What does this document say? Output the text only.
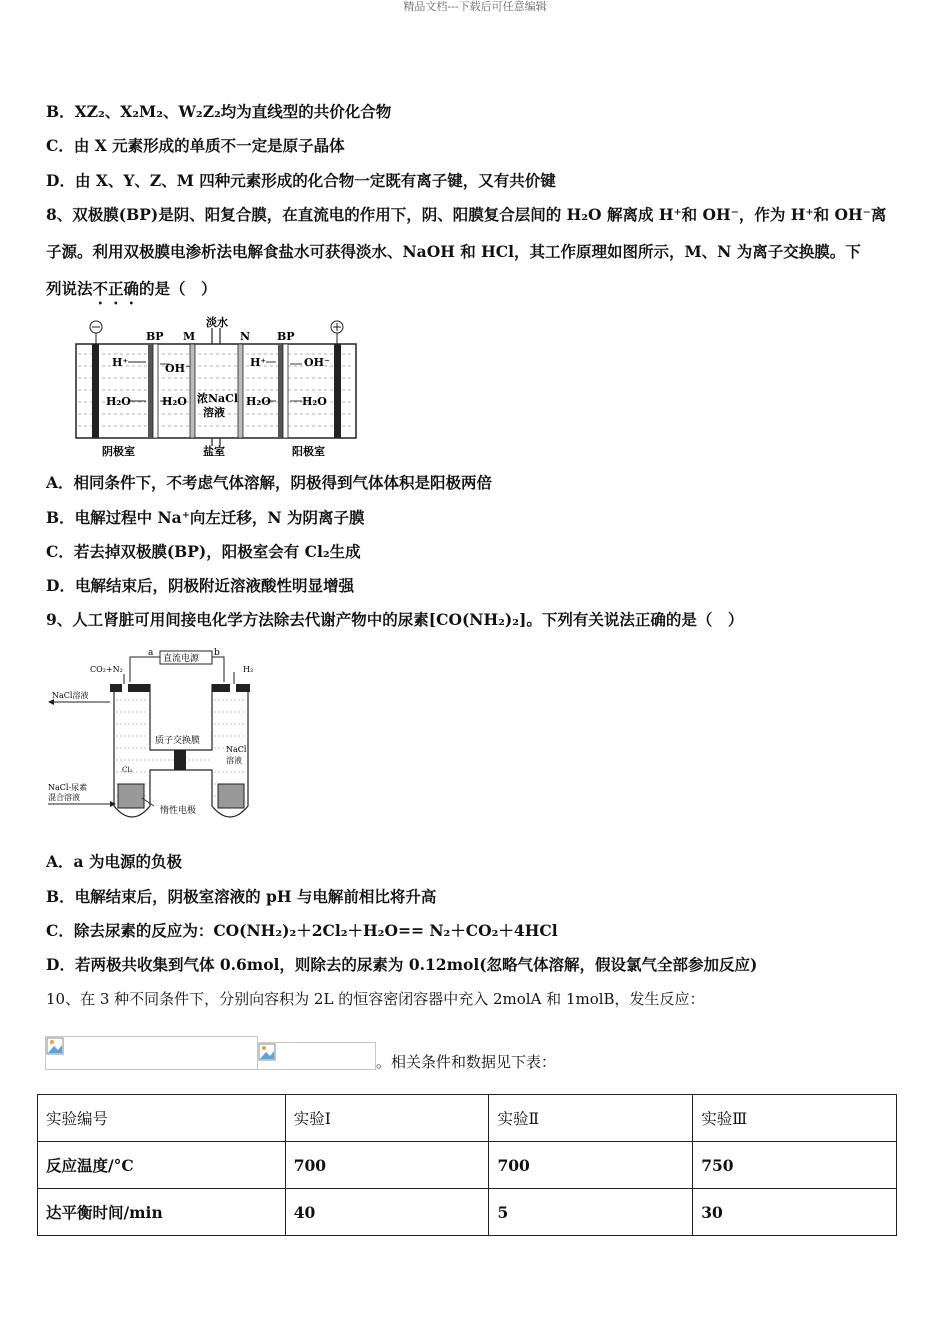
精品文档---下载后可任意编辑
B．XZ₂、X₂M₂、W₂Z₂均为直线型的共价化合物
C．由 X 元素形成的单质不一定是原子晶体
D．由 X、Y、Z、M 四种元素形成的化合物一定既有离子键，又有共价键
8、双极膜(BP)是阴、阳复合膜，在直流电的作用下，阴、阳膜复合层间的 H₂O 解离成 H⁺和 OH⁻，作为 H⁺和 OH⁻离
子源。利用双极膜电渗析法电解食盐水可获得淡水、NaOH 和 HCl，其工作原理如图所示，M、N 为离子交换膜。下
列说法不正确的是（　）
BP M
淡水
N BP
H⁺	OH⁻
H₂O	H₂O 浓NaCl
溶液
H⁺	OH⁻
H₂O	H₂O
阴极室	盐室	阳极室
A．相同条件下，不考虑气体溶解，阴极得到气体体积是阳极两倍
B．电解过程中 Na⁺向左迁移，N 为阴离子膜
C．若去掉双极膜(BP)，阳极室会有 Cl₂生成
D．电解结束后，阴极附近溶液酸性明显增强
9、人工肾脏可用间接电化学方法除去代谢产物中的尿素[CO(NH₂)₂]。下列有关说法正确的是（　）
直流电源
a	b
CO₂+N₂	H₂
质子交换膜
NaCl溶液
NaCl-尿素
混合溶液
NaCl
溶液
Cl₂
惰性电极
A．a 为电源的负极
B．电解结束后，阴极室溶液的 pH 与电解前相比将升高
C．除去尿素的反应为：CO(NH₂)₂＋2Cl₂＋H₂O== N₂＋CO₂＋4HCl
D．若两极共收集到气体 0.6mol，则除去的尿素为 0.12mol(忽略气体溶解，假设氯气全部参加反应)
10、在 3 种不同条件下，分别向容积为 2L 的恒容密闭容器中充入 2molA 和 1molB，发生反应：
。相关条件和数据见下表：
实验编号	实验Ⅰ	实验Ⅱ	实验Ⅲ
反应温度/°C	700	700	750
达平衡时间/min	40	5	30
